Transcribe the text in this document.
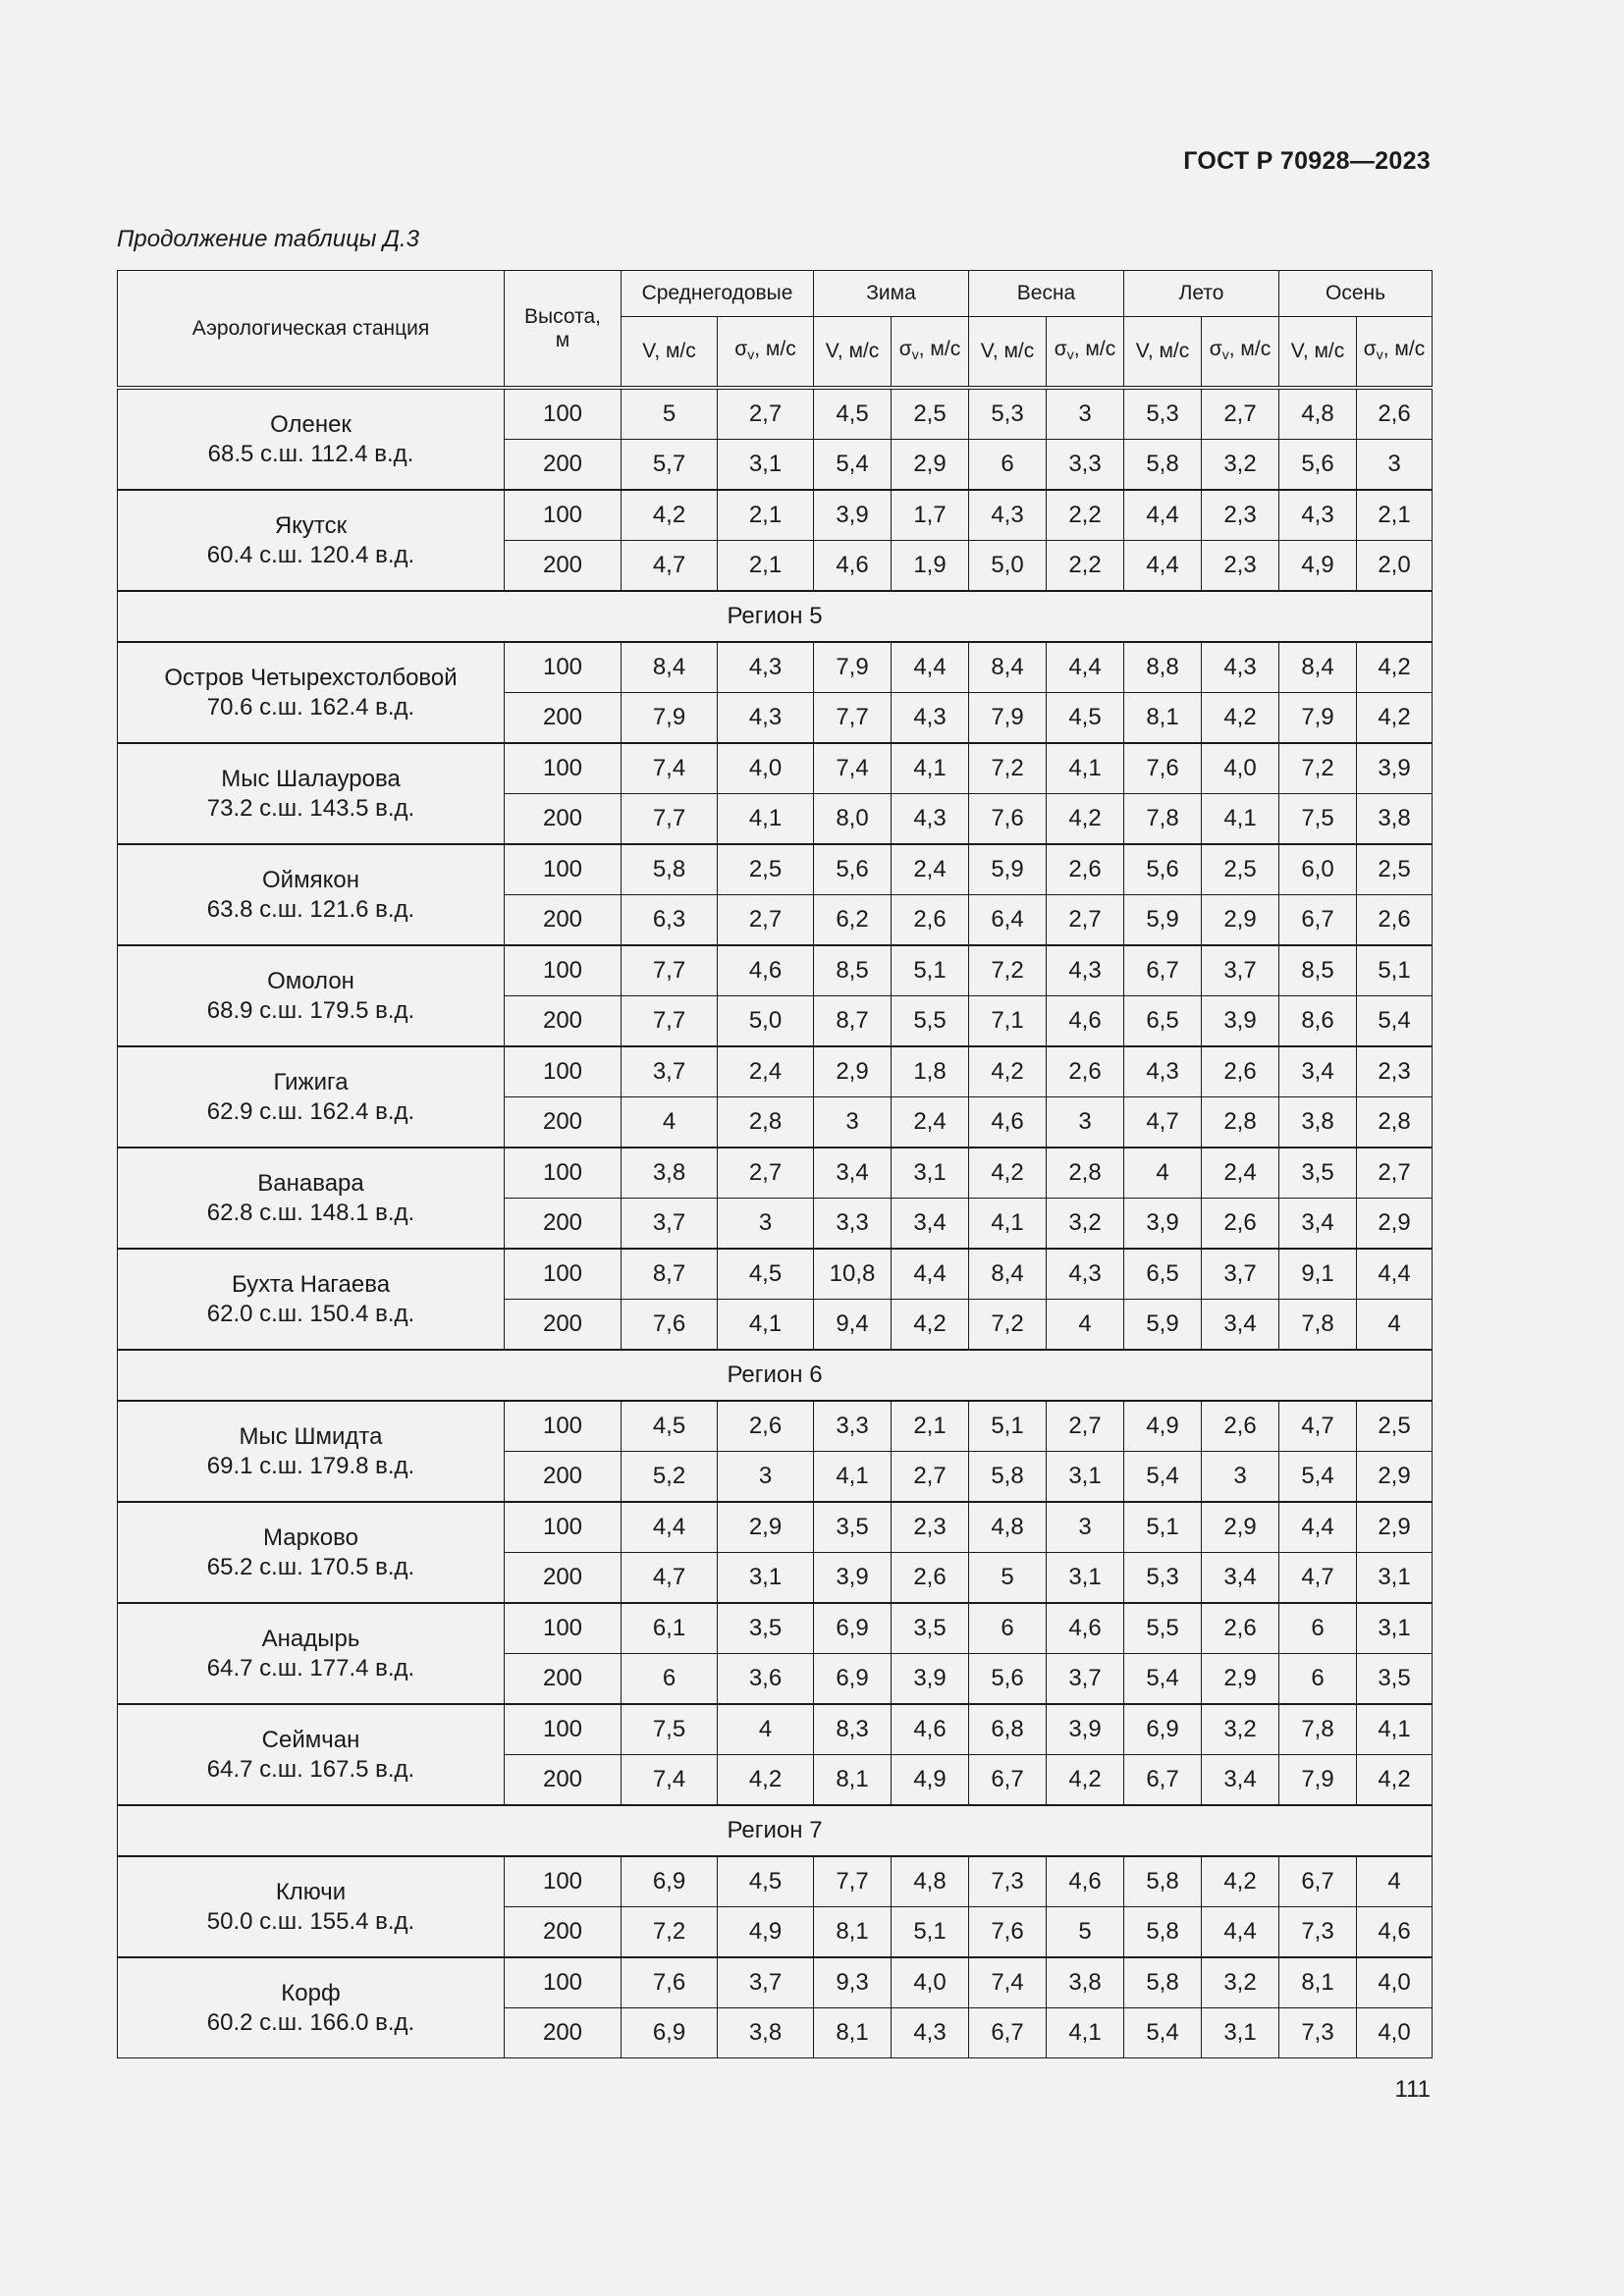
ГОСТ Р 70928—2023
Продолжение таблицы Д.3
Аэрологическая станция	Высота, м	Среднегодовые		Зима		Весна		Лето		Осень	
		V, м/с	$\sigma_v$, м/с	V, м/с	$\sigma_v$, м/с	V, м/с	$\sigma_v$, м/с	V, м/с	$\sigma_v$, м/с	V, м/с	$\sigma_v$, м/с

Оленек
68.5 с.ш. 112.4 в.д.	100	5	2,7	4,5	2,5	5,3	3	5,3	2,7	4,8	2,6
	200	5,7	3,1	5,4	2,9	6	3,3	5,8	3,2	5,6	3

Якутск
60.4 с.ш. 120.4 в.д.	100	4,2	2,1	3,9	1,7	4,3	2,2	4,4	2,3	4,3	2,1
	200	4,7	2,1	4,6	1,9	5,0	2,2	4,4	2,3	4,9	2,0
Регион 5											

Остров Четырехстолбовой
70.6 с.ш. 162.4 в.д.	100	8,4	4,3	7,9	4,4	8,4	4,4	8,8	4,3	8,4	4,2
	200	7,9	4,3	7,7	4,3	7,9	4,5	8,1	4,2	7,9	4,2

Мыс Шалаурова
73.2 с.ш. 143.5 в.д.	100	7,4	4,0	7,4	4,1	7,2	4,1	7,6	4,0	7,2	3,9
	200	7,7	4,1	8,0	4,3	7,6	4,2	7,8	4,1	7,5	3,8

Оймякон
63.8 с.ш. 121.6 в.д.	100	5,8	2,5	5,6	2,4	5,9	2,6	5,6	2,5	6,0	2,5
	200	6,3	2,7	6,2	2,6	6,4	2,7	5,9	2,9	6,7	2,6

Омолон
68.9 с.ш. 179.5 в.д.	100	7,7	4,6	8,5	5,1	7,2	4,3	6,7	3,7	8,5	5,1
	200	7,7	5,0	8,7	5,5	7,1	4,6	6,5	3,9	8,6	5,4

Гижига
62.9 с.ш. 162.4 в.д.	100	3,7	2,4	2,9	1,8	4,2	2,6	4,3	2,6	3,4	2,3
	200	4	2,8	3	2,4	4,6	3	4,7	2,8	3,8	2,8

Ванавара
62.8 с.ш. 148.1 в.д.	100	3,8	2,7	3,4	3,1	4,2	2,8	4	2,4	3,5	2,7
	200	3,7	3	3,3	3,4	4,1	3,2	3,9	2,6	3,4	2,9

Бухта Нагаева
62.0 с.ш. 150.4 в.д.	100	8,7	4,5	10,8	4,4	8,4	4,3	6,5	3,7	9,1	4,4
	200	7,6	4,1	9,4	4,2	7,2	4	5,9	3,4	7,8	4
Регион 6											

Мыс Шмидта
69.1 с.ш. 179.8 в.д.	100	4,5	2,6	3,3	2,1	5,1	2,7	4,9	2,6	4,7	2,5
	200	5,2	3	4,1	2,7	5,8	3,1	5,4	3	5,4	2,9

Марково
65.2 с.ш. 170.5 в.д.	100	4,4	2,9	3,5	2,3	4,8	3	5,1	2,9	4,4	2,9
	200	4,7	3,1	3,9	2,6	5	3,1	5,3	3,4	4,7	3,1

Анадырь
64.7 с.ш. 177.4 в.д.	100	6,1	3,5	6,9	3,5	6	4,6	5,5	2,6	6	3,1
	200	6	3,6	6,9	3,9	5,6	3,7	5,4	2,9	6	3,5

Сеймчан
64.7 с.ш. 167.5 в.д.	100	7,5	4	8,3	4,6	6,8	3,9	6,9	3,2	7,8	4,1
	200	7,4	4,2	8,1	4,9	6,7	4,2	6,7	3,4	7,9	4,2
Регион 7											

Ключи
50.0 с.ш. 155.4 в.д.	100	6,9	4,5	7,7	4,8	7,3	4,6	5,8	4,2	6,7	4
	200	7,2	4,9	8,1	5,1	7,6	5	5,8	4,4	7,3	4,6

Корф
60.2 с.ш. 166.0 в.д.	100	7,6	3,7	9,3	4,0	7,4	3,8	5,8	3,2	8,1	4,0
	200	6,9	3,8	8,1	4,3	6,7	4,1	5,4	3,1	7,3	4,0
111
